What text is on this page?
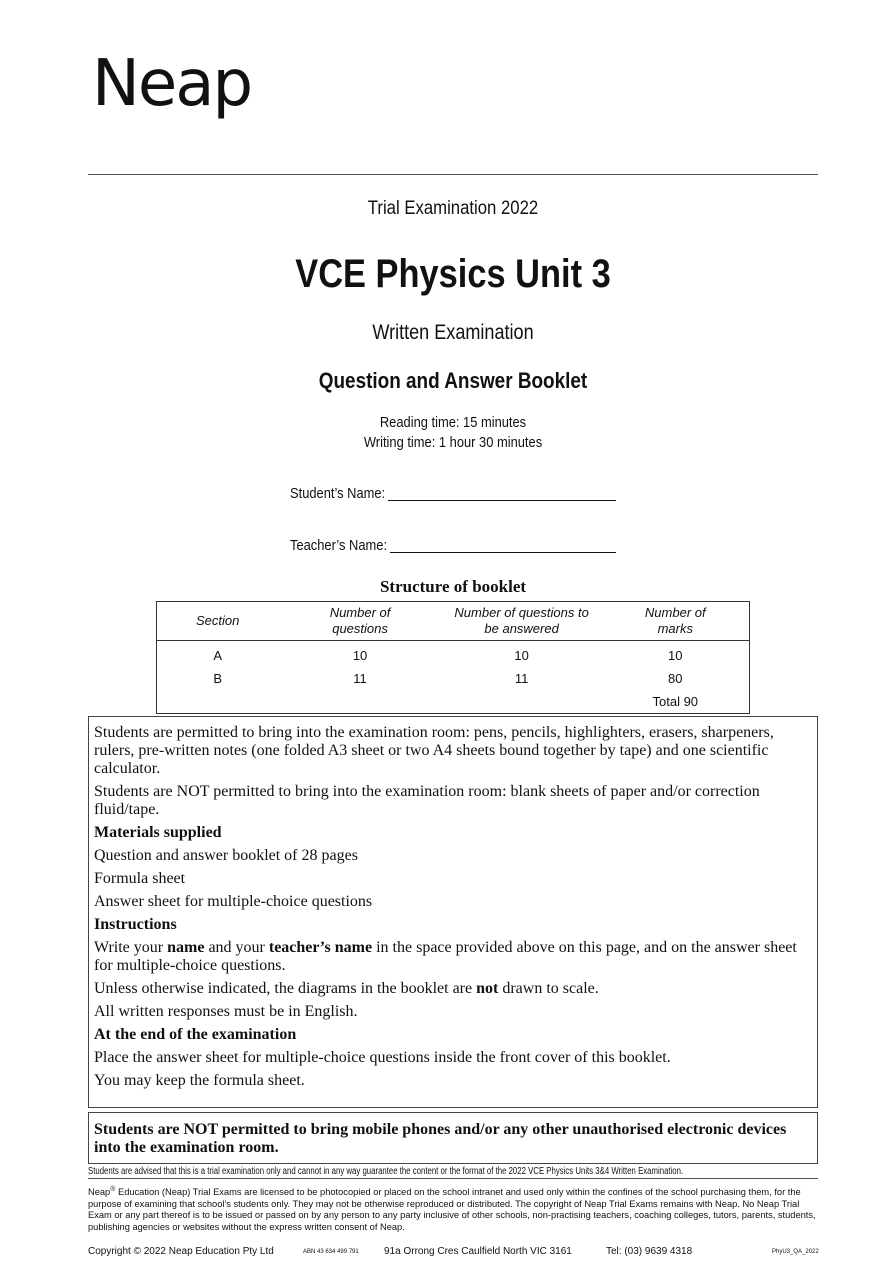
Neap
Trial Examination 2022
VCE Physics Unit 3
Written Examination
Question and Answer Booklet
Reading time: 15 minutes
Writing time: 1 hour 30 minutes
Student’s Name:
Teacher’s Name:
Structure of booklet
Section	Number of questions	Number of questions to be answered	Number of marks

A	10	10	10
B	11	11	80
			Total 90

Students are permitted to bring into the examination room: pens, pencils, highlighters, erasers, sharpeners, rulers, pre-written notes (one folded A3 sheet or two A4 sheets bound together by tape) and one scientific calculator.

Students are NOT permitted to bring into the examination room: blank sheets of paper and/or correction fluid/tape.

Materials supplied

Question and answer booklet of 28 pages

Formula sheet

Answer sheet for multiple-choice questions

Instructions

Write your name and your teacher’s name in the space provided above on this page, and on the answer sheet for multiple-choice questions.

Unless otherwise indicated, the diagrams in the booklet are not drawn to scale.

All written responses must be in English.

At the end of the examination

Place the answer sheet for multiple-choice questions inside the front cover of this booklet.

You may keep the formula sheet.

Students are NOT permitted to bring mobile phones and/or any other unauthorised electronic devices into the examination room.
Students are advised that this is a trial examination only and cannot in any way guarantee the content or the format of the 2022 VCE Physics Units 3&4 Written Examination.
Neap® Education (Neap) Trial Exams are licensed to be photocopied or placed on the school intranet and used only within the confines of the school purchasing them, for the purpose of examining that school's students only. They may not be otherwise reproduced or distributed. The copyright of Neap Trial Exams remains with Neap. No Neap Trial Exam or any part thereof is to be issued or passed on by any person to any party inclusive of other schools, non-practising teachers, coaching colleges, tutors, parents, students, publishing agencies or websites without the express written consent of Neap.
Copyright © 2022 Neap Education Pty Ltd	ABN 43 634 499 791	91a Orrong Cres Caulfield North VIC 3161	Tel: (03) 9639 4318	PhyU3_QA_2022
